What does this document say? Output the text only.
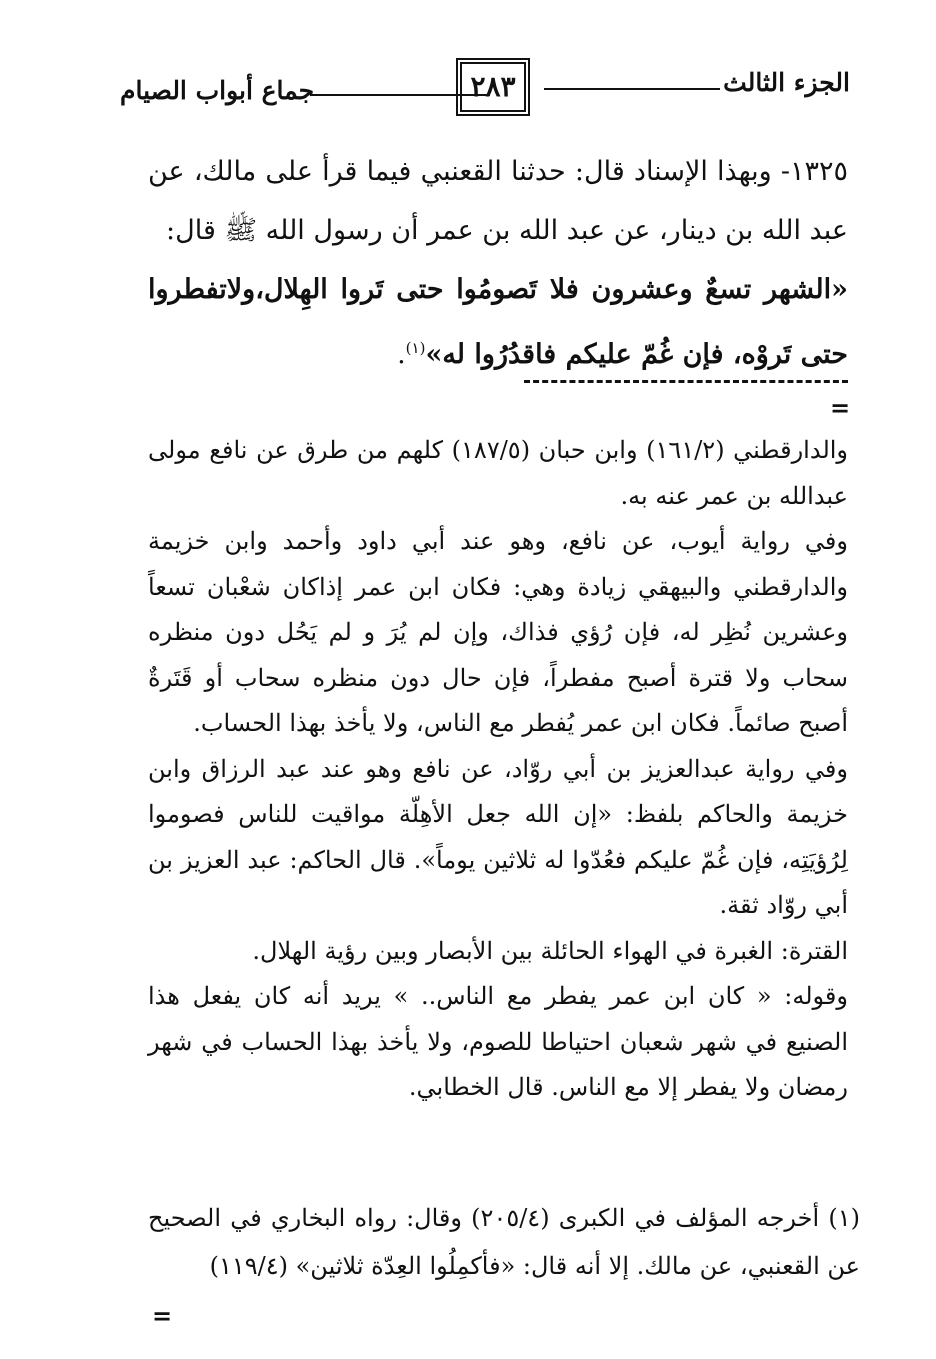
الجزء الثالث
٢٨٣
جماع أبواب الصيام

١٣٢٥- وبهذا الإسناد قال: حدثنا القعنبي فيما قرأ على مالك، عن عبد الله بن دينار، عن عبد الله بن عمر أن رسول الله ﷺ قال:

«الشهر تسعٌ وعشرون فلا تَصومُوا حتى تَروا الهِلال،ولاتفطروا حتى تَروْه، فإن غُمّ عليكم فاقدُرُوا له»$^{(١)}$.

=

والدارقطني (١٦١/٢) وابن حبان (١٨٧/٥) كلهم من طرق عن نافع مولى عبدالله بن عمر عنه به.

وفي رواية أيوب، عن نافع، وهو عند أبي داود وأحمد وابن خزيمة والدارقطني والبيهقي زيادة وهي: فكان ابن عمر إذاكان شعْبان تسعاً وعشرين نُظِر له، فإن رُؤي فذاك، وإن لم يُرَ و لم يَحُل دون منظره سحاب ولا قترة أصبح مفطراً، فإن حال دون منظره سحاب أو قَتَرةٌ أصبح صائماً. فكان ابن عمر يُفطر مع الناس، ولا يأخذ بهذا الحساب.

وفي رواية عبدالعزيز بن أبي روّاد، عن نافع وهو عند عبد الرزاق وابن خزيمة والحاكم بلفظ: «إن الله جعل الأهِلّة مواقيت للناس فصوموا لِرُؤيَتِه، فإن غُمّ عليكم فعُدّوا له ثلاثين يوماً». قال الحاكم: عبد العزيز بن أبي روّاد ثقة.

القترة: الغبرة في الهواء الحائلة بين الأبصار وبين رؤية الهلال.

وقوله: « كان ابن عمر يفطر مع الناس.. » يريد أنه كان يفعل هذا الصنيع في شهر شعبان احتياطا للصوم، ولا يأخذ بهذا الحساب في شهر رمضان ولا يفطر إلا مع الناس. قال الخطابي.

(١) أخرجه المؤلف في الكبرى (٢٠٥/٤) وقال: رواه البخاري في الصحيح عن القعنبي، عن مالك. إلا أنه قال: «فأكمِلُوا العِدّة ثلاثين» (١١٩/٤)

=
